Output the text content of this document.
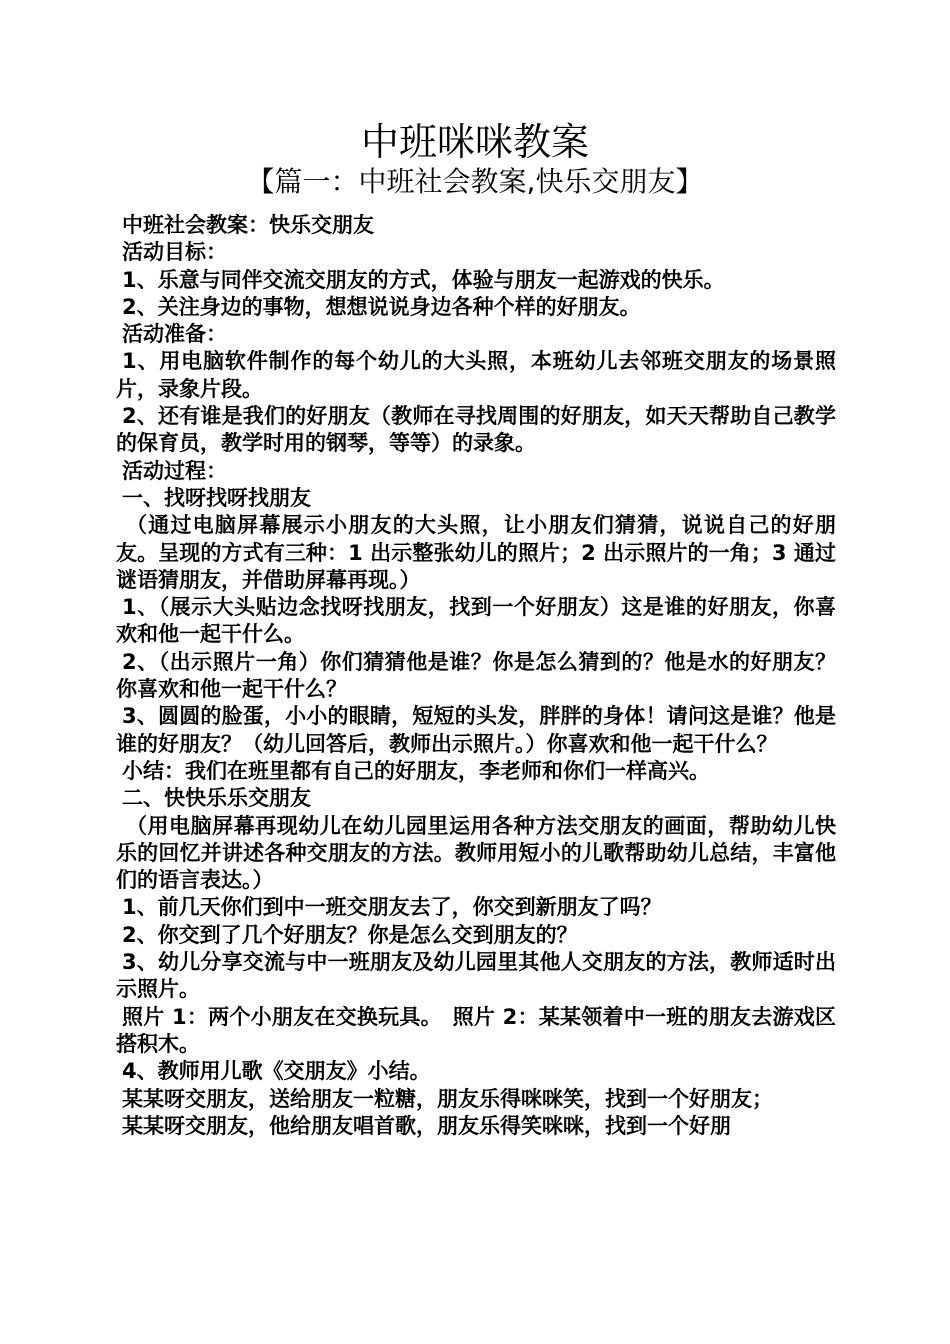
中班咪咪教案
【篇一：中班社会教案,快乐交朋友】

中班社会教案：快乐交朋友

活动目标：

1、乐意与同伴交流交朋友的方式，体验与朋友一起游戏的快乐。

2、关注身边的事物，想想说说身边各种个样的好朋友。

活动准备：

1、用电脑软件制作的每个幼儿的大头照，本班幼儿去邻班交朋友的场景照片，录象片段。

2、还有谁是我们的好朋友（教师在寻找周围的好朋友，如天天帮助自己教学的保育员，教学时用的钢琴，等等）的录象。

活动过程：

一、找呀找呀找朋友

（通过电脑屏幕展示小朋友的大头照，让小朋友们猜猜，说说自己的好朋友。呈现的方式有三种：1 出示整张幼儿的照片；2 出示照片的一角；3 通过谜语猜朋友，并借助屏幕再现。）

1、（展示大头贴边念找呀找朋友，找到一个好朋友）这是谁的好朋友，你喜欢和他一起干什么。

2、（出示照片一角）你们猜猜他是谁？你是怎么猜到的？他是水的好朋友？你喜欢和他一起干什么？

3、圆圆的脸蛋，小小的眼睛，短短的头发，胖胖的身体！请问这是谁？他是谁的好朋友？（幼儿回答后，教师出示照片。）你喜欢和他一起干什么？

小结：我们在班里都有自己的好朋友，李老师和你们一样高兴。

二、快快乐乐交朋友

（用电脑屏幕再现幼儿在幼儿园里运用各种方法交朋友的画面，帮助幼儿快乐的回忆并讲述各种交朋友的方法。教师用短小的儿歌帮助幼儿总结，丰富他们的语言表达。）

1、前几天你们到中一班交朋友去了，你交到新朋友了吗？

2、你交到了几个好朋友？你是怎么交到朋友的？

3、幼儿分享交流与中一班朋友及幼儿园里其他人交朋友的方法，教师适时出示照片。

照片 1：两个小朋友在交换玩具。　照片 2：某某领着中一班的朋友去游戏区搭积木。

4、教师用儿歌《交朋友》小结。

某某呀交朋友，送给朋友一粒糖，朋友乐得咪咪笑，找到一个好朋友；

某某呀交朋友，他给朋友唱首歌，朋友乐得笑咪咪，找到一个好朋
